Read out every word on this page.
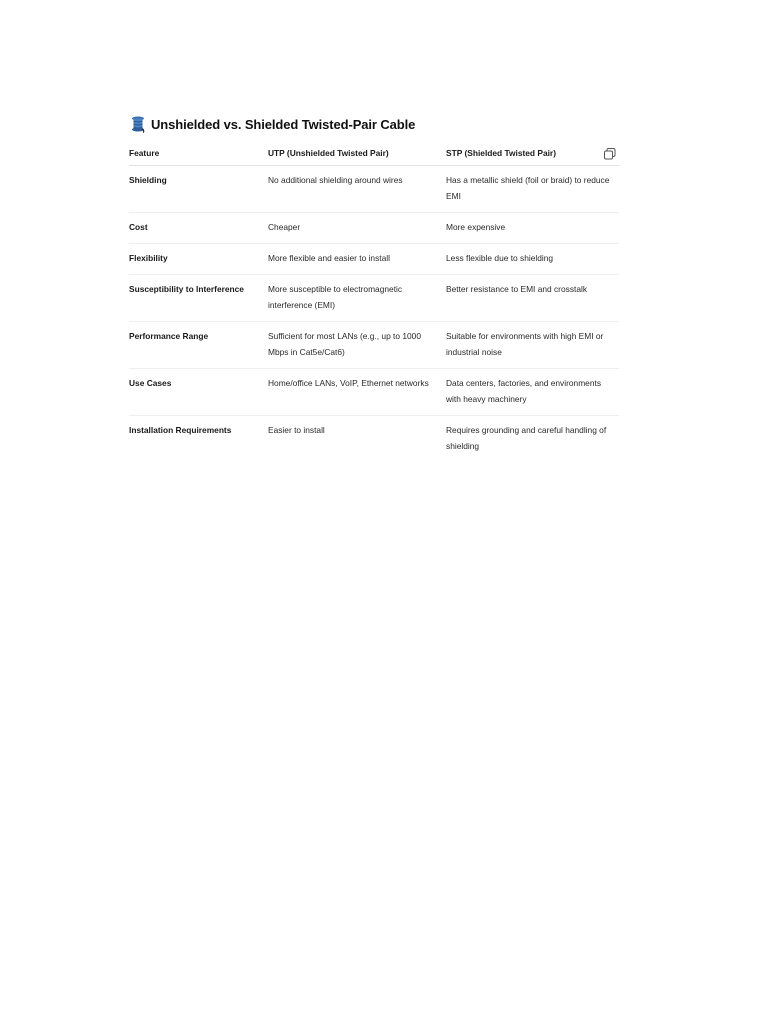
Unshielded vs. Shielded Twisted-Pair Cable
Feature	UTP (Unshielded Twisted Pair)	STP (Shielded Twisted Pair)

Shielding	No additional shielding around wires	Has a metallic shield (foil or braid) to reduce EMI
Cost	Cheaper	More expensive
Flexibility	More flexible and easier to install	Less flexible due to shielding
Susceptibility to Interference	More susceptible to electromagnetic interference (EMI)	Better resistance to EMI and crosstalk
Performance Range	Sufficient for most LANs (e.g., up to 1000 Mbps in Cat5e/Cat6)	Suitable for environments with high EMI or industrial noise
Use Cases	Home/office LANs, VoIP, Ethernet networks	Data centers, factories, and environments with heavy machinery
Installation Requirements	Easier to install	Requires grounding and careful handling of shielding
